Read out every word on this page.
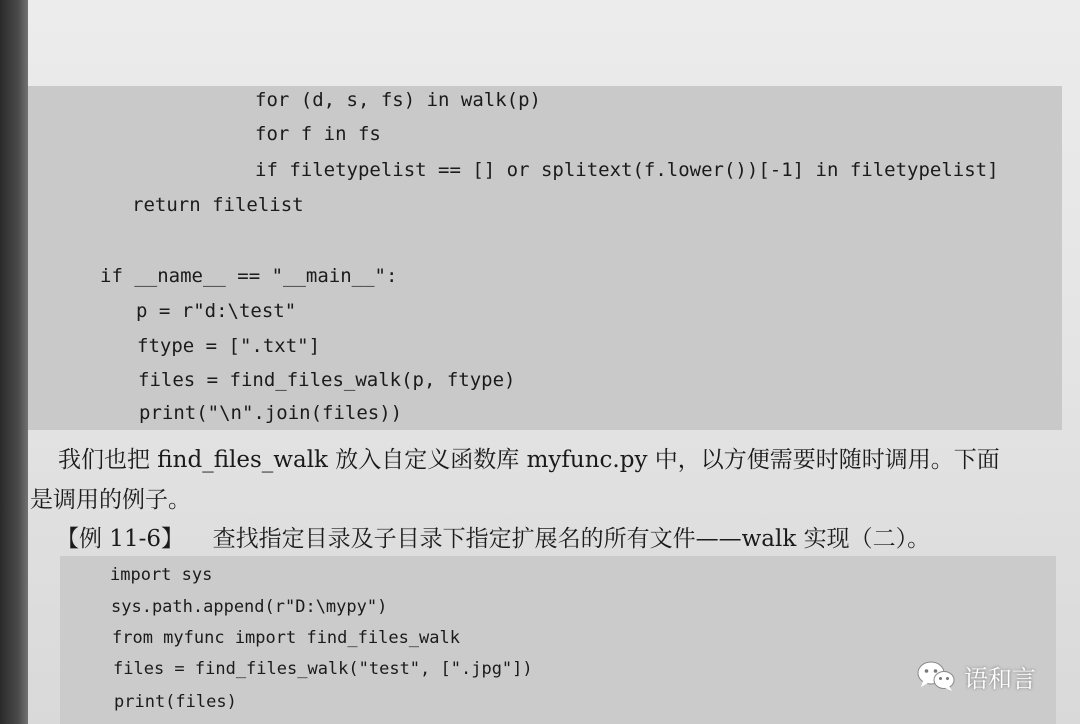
for (d, s, fs) in walk(p)
for f in fs
if filetypelist == [] or splitext(f.lower())[-1] in filetypelist]
return filelist
if __name__ == "__main__":
p = r"d:\test"
ftype = [".txt"]
files = find_files_walk(p, ftype)
print("\n".join(files))
我们也把 find_files_walk 放入自定义函数库 myfunc.py 中，以方便需要时随时调用。下面
是调用的例子。
【例 11-6】 查找指定目录及子目录下指定扩展名的所有文件——walk 实现（二）。
import sys
sys.path.append(r"D:\mypy")
from myfunc import find_files_walk
files = find_files_walk("test", [".jpg"])
print(files)
语和言
